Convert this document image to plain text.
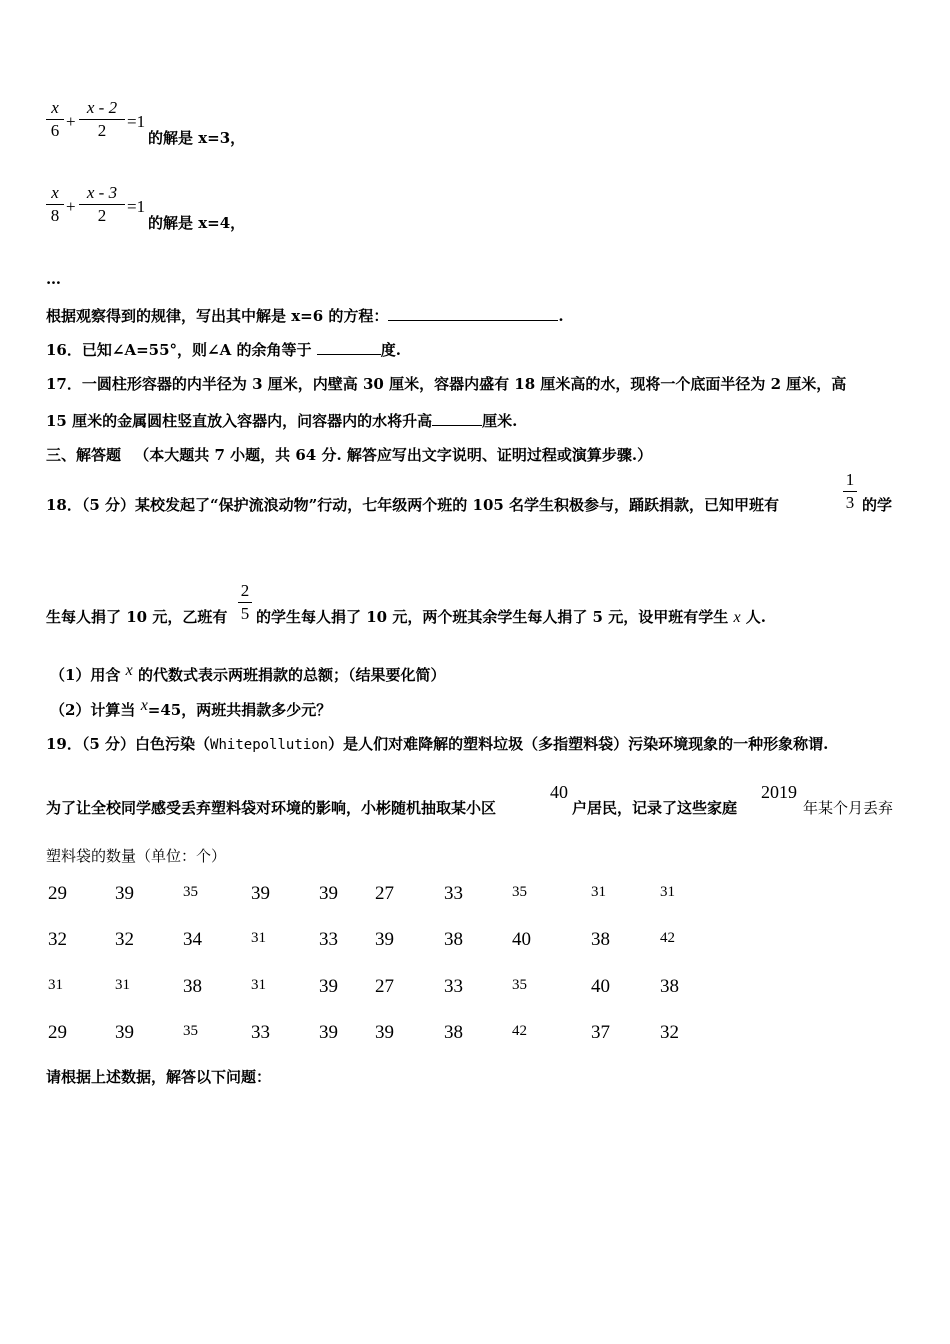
x
6 +
x - 2
2	=1
的解是 x=3，
x
8 +
x - 3
2	=1
的解是 x=4，
…
根据观察得到的规律，写出其中解是 x=6 的方程：	.
16．已知∠A=55°，则∠A 的余角等于	度.
17．一圆柱形容器的内半径为 3 厘米，内壁高 30 厘米，容器内盛有 18 厘米高的水，现将一个底面半径为 2 厘米，高
15 厘米的金属圆柱竖直放入容器内，问容器内的水将升高	厘米.
三、解答题 （本大题共 7 小题，共 64 分. 解答应写出文字说明、证明过程或演算步骤.）
18．（5 分）某校发起了“保护流浪动物”行动，七年级两个班的 105 名学生积极参与，踊跃捐款，已知甲班有
1
3 的学
生每人捐了 10 元，乙班有
2
5 的学生每人捐了 10 元，两个班其余学生每人捐了 5 元，设甲班有学生 x 人.
（1）用含 x 的代数式表示两班捐款的总额；（结果要化简）
（2）计算当 x=45，两班共捐款多少元？
19．（5 分）白色污染（Whitepollution）是人们对难降解的塑料垃圾（多指塑料袋）污染环境现象的一种形象称谓.
为了让全校同学感受丢弃塑料袋对环境的影响，小彬随机抽取某小区
40
户居民，记录了这些家庭
2019
年某个月丢弃
塑料袋的数量（单位：个）
29	39	35	39	39 27	33	35	31	31
32	32	34	31	33 39	38	40	38	42
31	31	38	31	39 27	33	35	40	38
29	39	35	33	39 39	38	42	37	32
请根据上述数据，解答以下问题：
